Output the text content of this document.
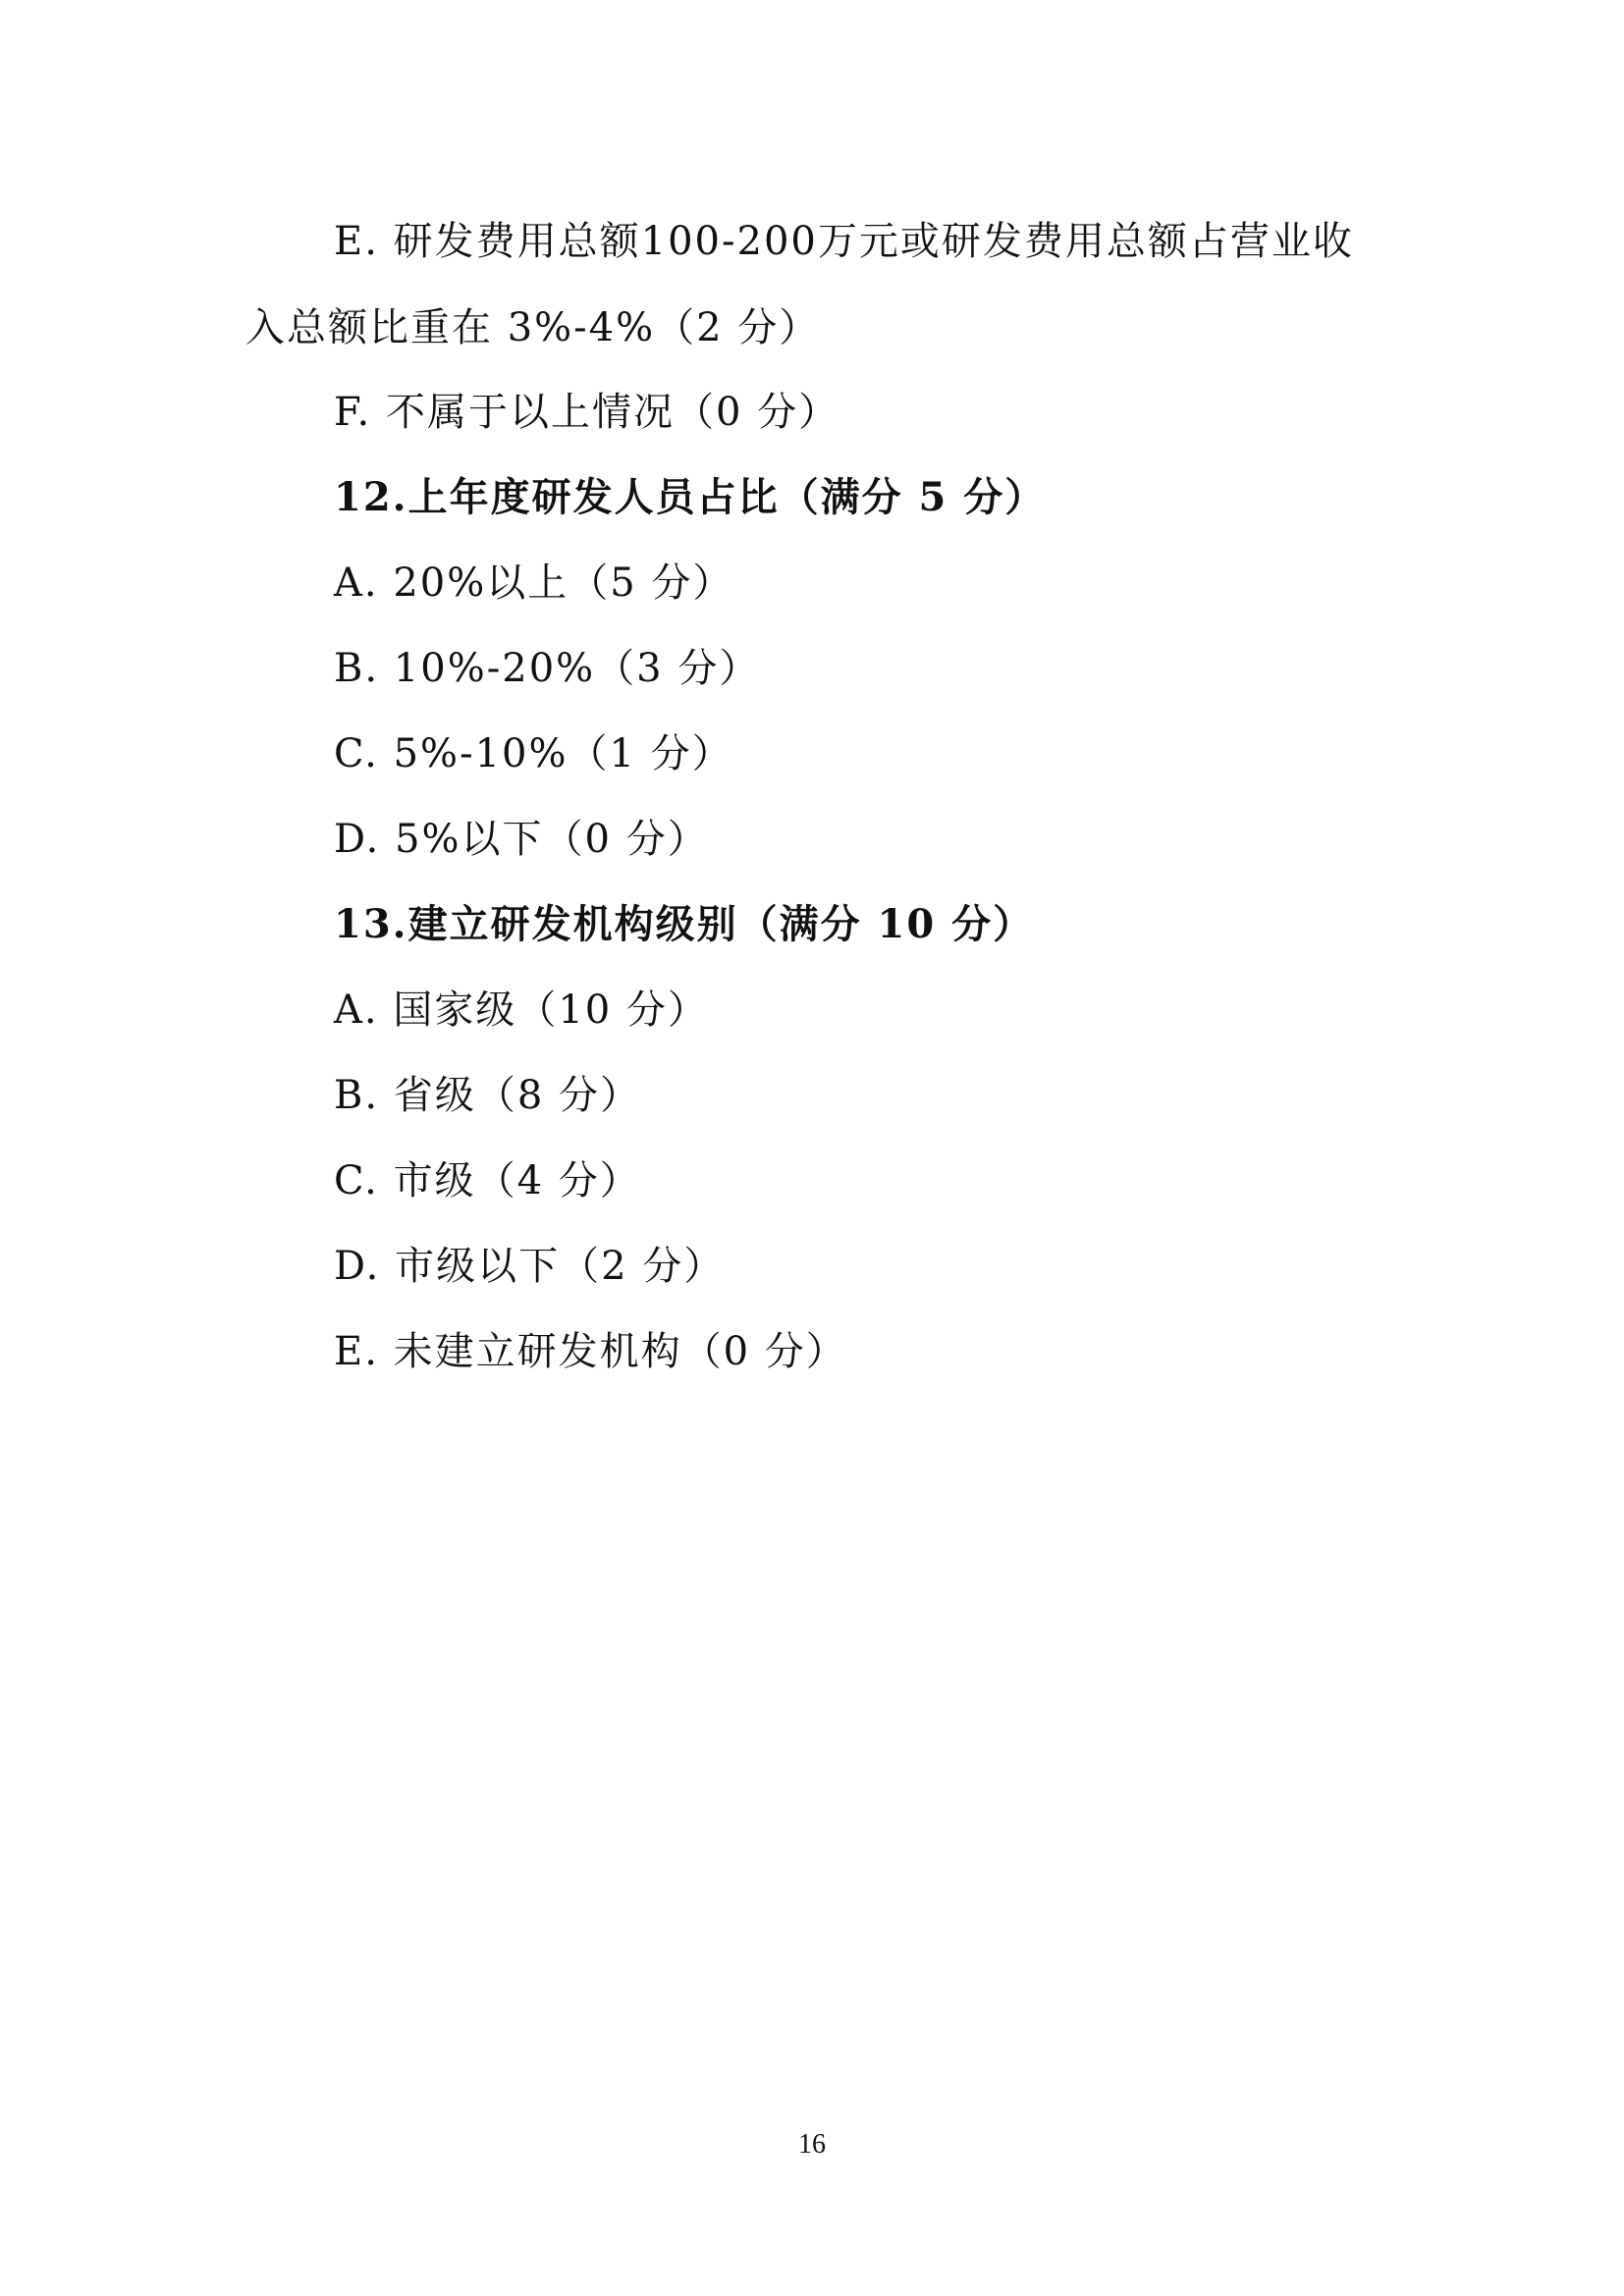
E. 研发费用总额100-200万元或研发费用总额占营业收
入总额比重在 3%-4%（2 分）
F. 不属于以上情况（0 分）
12.上年度研发人员占比（满分 5 分）
A. 20%以上（5 分）
B. 10%-20%（3 分）
C. 5%-10%（1 分）
D. 5%以下（0 分）
13.建立研发机构级别（满分 10 分）
A. 国家级（10 分）
B. 省级（8 分）
C. 市级（4 分）
D. 市级以下（2 分）
E. 未建立研发机构（0 分）
16
